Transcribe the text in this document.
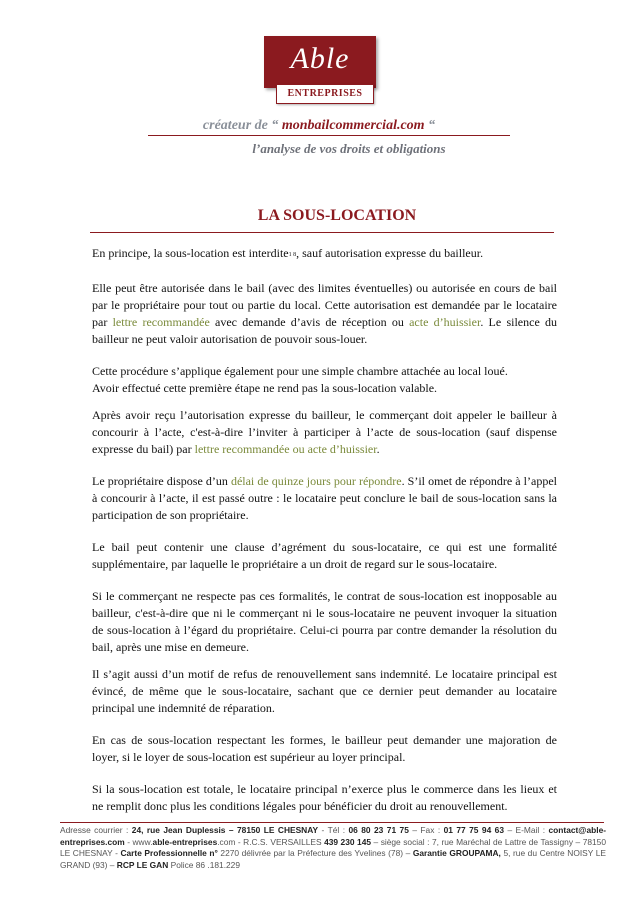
Able
ENTREPRISES
créateur de “ monbailcommercial.com “
l’analyse de vos droits et obligations
LA SOUS-LOCATION

En principe, la sous-location est interdite$^{1 8}$, sauf autorisation expresse du bailleur.

Elle peut être autorisée dans le bail (avec des limites éventuelles) ou autorisée en cours de bail par le propriétaire pour tout ou partie du local. Cette autorisation est demandée par le locataire par lettre recommandée avec demande d’avis de réception ou acte d’huissier. Le silence du bailleur ne peut valoir autorisation de pouvoir sous-louer.

Cette procédure s’applique également pour une simple chambre attachée au local loué.
Avoir effectué cette première étape ne rend pas la sous-location valable.

Après avoir reçu l’autorisation expresse du bailleur, le commerçant doit appeler le bailleur à concourir à l’acte, c'est-à-dire l’inviter à participer à l’acte de sous-location (sauf dispense expresse du bail) par lettre recommandée ou acte d’huissier.

Le propriétaire dispose d’un délai de quinze jours pour répondre. S’il omet de répondre à l’appel à concourir à l’acte, il est passé outre : le locataire peut conclure le bail de sous-location sans la participation de son propriétaire.

Le bail peut contenir une clause d’agrément du sous-locataire, ce qui est une formalité supplémentaire, par laquelle le propriétaire a un droit de regard sur le sous-locataire.

Si le commerçant ne respecte pas ces formalités, le contrat de sous-location est inopposable au bailleur, c'est-à-dire que ni le commerçant ni le sous-locataire ne peuvent invoquer la situation de sous-location à l’égard du propriétaire. Celui-ci pourra par contre demander la résolution du bail, après une mise en demeure.

Il s’agit aussi d’un motif de refus de renouvellement sans indemnité. Le locataire principal est évincé, de même que le sous-locataire, sachant que ce dernier peut demander au locataire principal une indemnité de réparation.

En cas de sous-location respectant les formes, le bailleur peut demander une majoration de loyer, si le loyer de sous-location est supérieur au loyer principal.

Si la sous-location est totale, le locataire principal n’exerce plus le commerce dans les lieux et ne remplit donc plus les conditions légales pour bénéficier du droit au renouvellement.

Adresse courrier : 24, rue Jean Duplessis – 78150 LE CHESNAY - Tél : 06 80 23 71 75 – Fax : 01 77 75 94 63 – E-Mail : contact@able-entreprises.com - www.able-entreprises.com - R.C.S. VERSAILLES 439 230 145 – siège social : 7, rue Maréchal de Lattre de Tassigny – 78150 LE CHESNAY - Carte Professionnelle n° 2270 délivrée par la Préfecture des Yvelines (78) – Garantie GROUPAMA, 5, rue du Centre NOISY LE GRAND (93) – RCP LE GAN Police 86 .181.229
